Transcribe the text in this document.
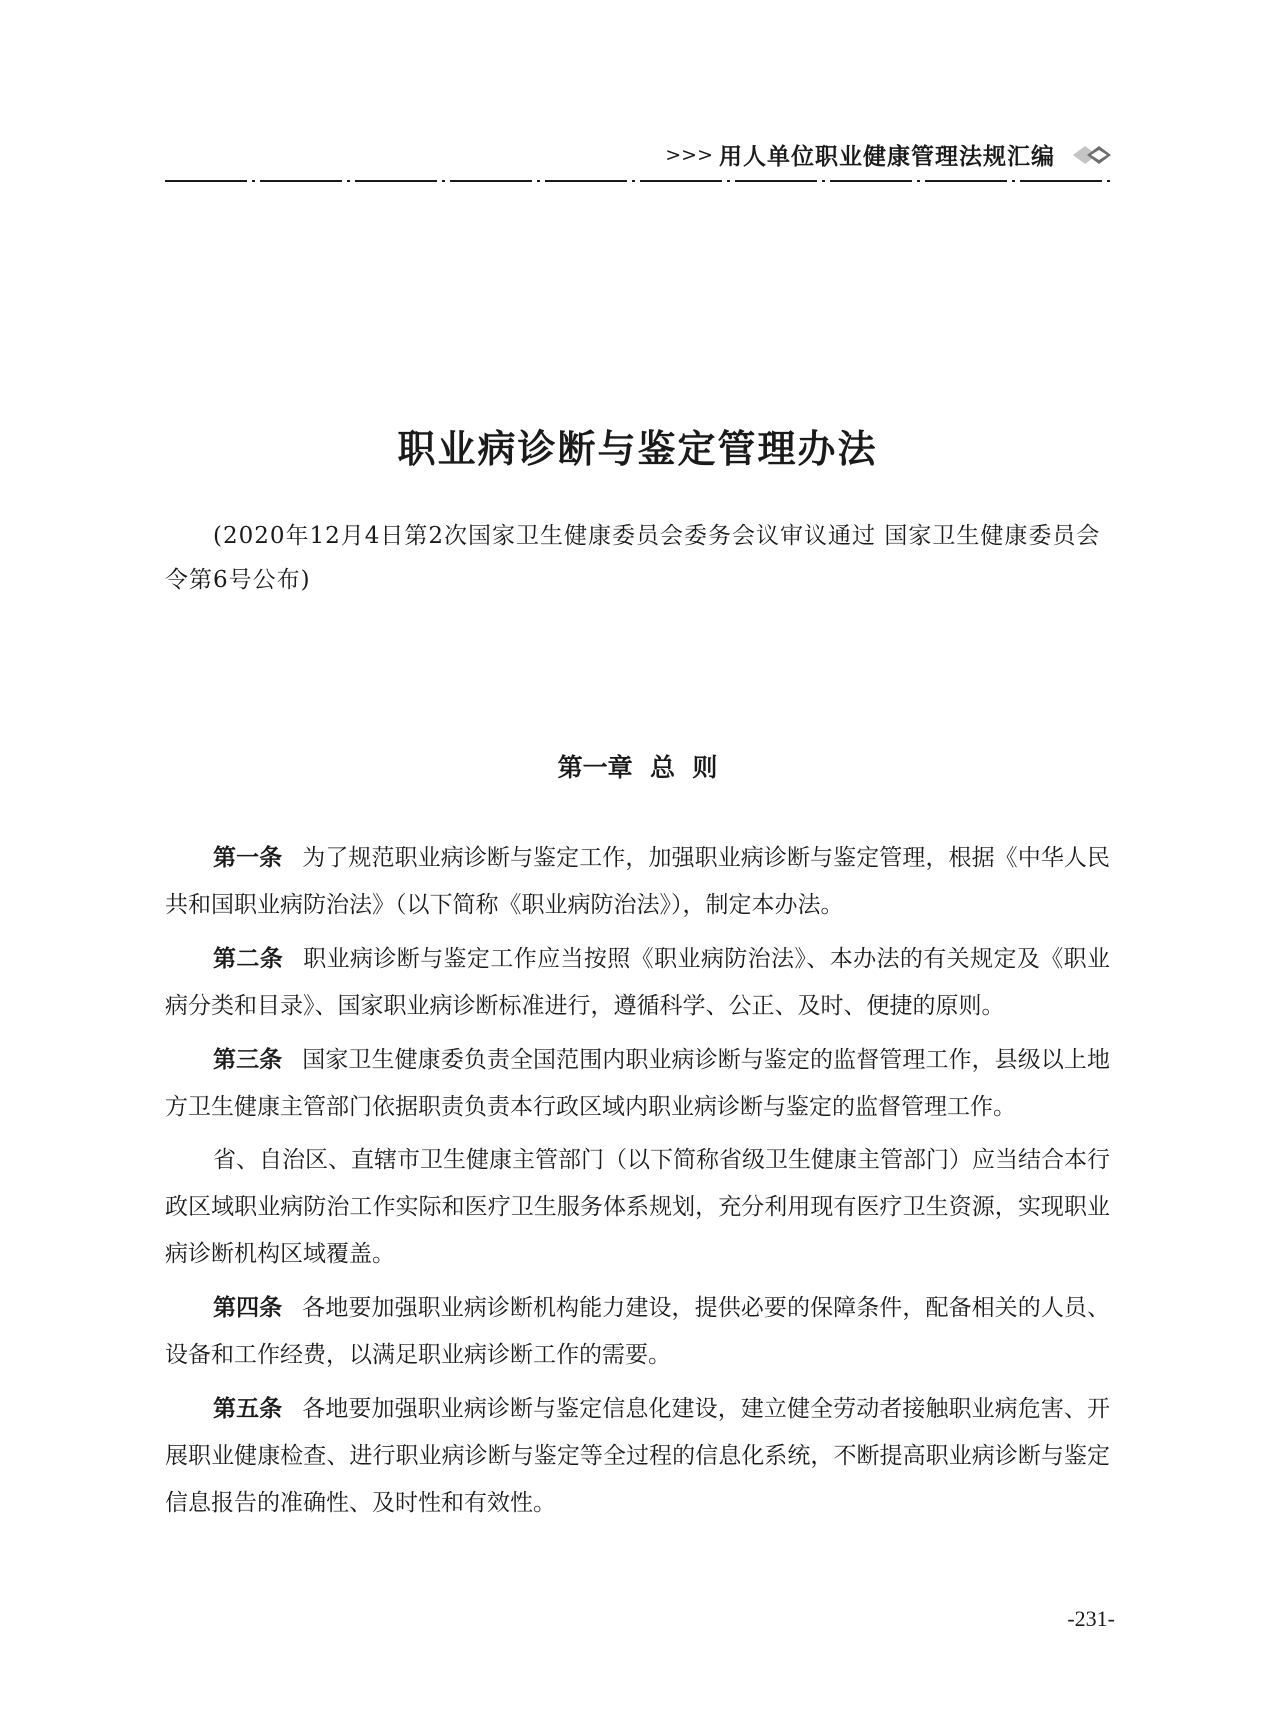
>>> 用人单位职业健康管理法规汇编
职业病诊断与鉴定管理办法

(2020年12月4日第2次国家卫生健康委员会委务会议审议通过 国家卫生健康委员会令第6号公布)

第一章  总  则

第一条 为了规范职业病诊断与鉴定工作，加强职业病诊断与鉴定管理，根据《中华人民共和国职业病防治法》（以下简称《职业病防治法》），制定本办法。

第二条 职业病诊断与鉴定工作应当按照《职业病防治法》、本办法的有关规定及《职业病分类和目录》、国家职业病诊断标准进行，遵循科学、公正、及时、便捷的原则。

第三条 国家卫生健康委负责全国范围内职业病诊断与鉴定的监督管理工作，县级以上地方卫生健康主管部门依据职责负责本行政区域内职业病诊断与鉴定的监督管理工作。

省、自治区、直辖市卫生健康主管部门（以下简称省级卫生健康主管部门）应当结合本行政区域职业病防治工作实际和医疗卫生服务体系规划，充分利用现有医疗卫生资源，实现职业病诊断机构区域覆盖。

第四条 各地要加强职业病诊断机构能力建设，提供必要的保障条件，配备相关的人员、设备和工作经费，以满足职业病诊断工作的需要。

第五条 各地要加强职业病诊断与鉴定信息化建设，建立健全劳动者接触职业病危害、开展职业健康检查、进行职业病诊断与鉴定等全过程的信息化系统，不断提高职业病诊断与鉴定信息报告的准确性、及时性和有效性。

-231-
